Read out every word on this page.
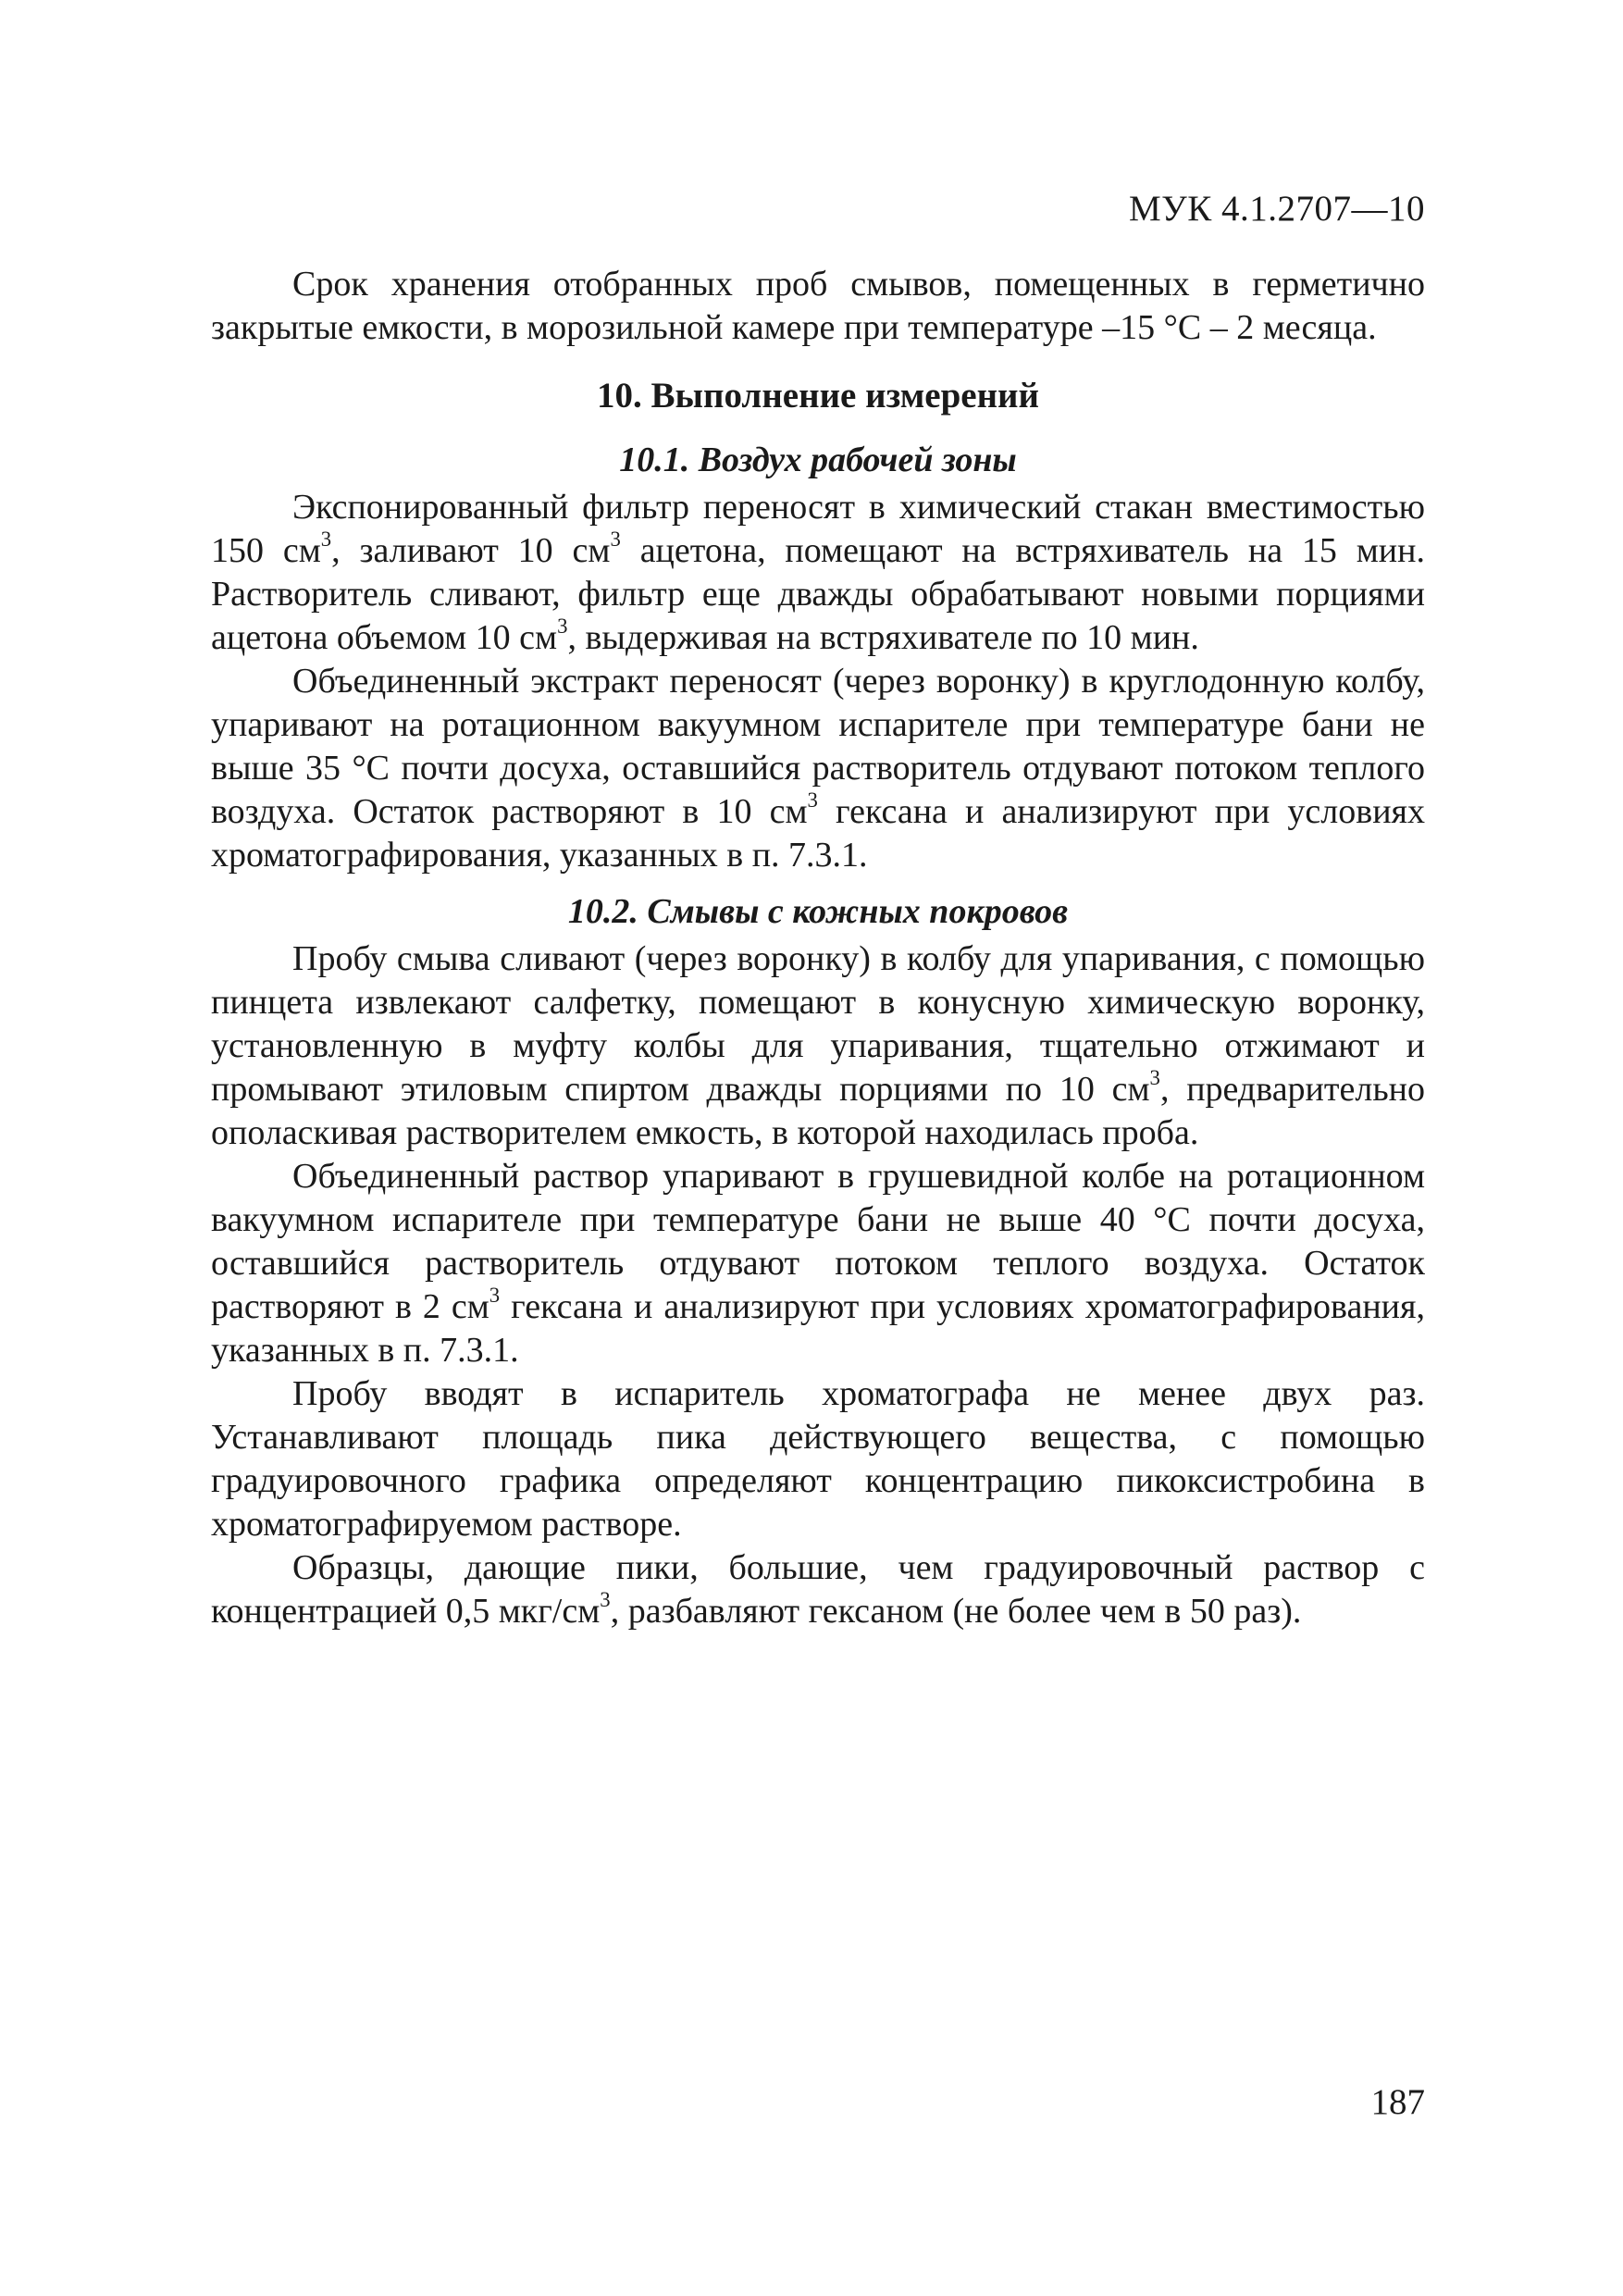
МУК 4.1.2707—10

Срок хранения отобранных проб смывов, помещенных в герметично закрытые емкости, в морозильной камере при температуре –15 °С – 2 месяца.

10. Выполнение измерений
10.1. Воздух рабочей зоны

Экспонированный фильтр переносят в химический стакан вместимостью 150 $см^3$, заливают 10 $см^3$ ацетона, помещают на встряхиватель на 15 мин. Растворитель сливают, фильтр еще дважды обрабатывают новыми порциями ацетона объемом 10 $см^3$, выдерживая на встряхивателе по 10 мин.

Объединенный экстракт переносят (через воронку) в круглодонную колбу, упаривают на ротационном вакуумном испарителе при температуре бани не выше 35 °С почти досуха, оставшийся растворитель отдувают потоком теплого воздуха. Остаток растворяют в 10 $см^3$ гексана и анализируют при условиях хроматографирования, указанных в п. 7.3.1.

10.2. Смывы с кожных покровов

Пробу смыва сливают (через воронку) в колбу для упаривания, с помощью пинцета извлекают салфетку, помещают в конусную химическую воронку, установленную в муфту колбы для упаривания, тщательно отжимают и промывают этиловым спиртом дважды порциями по 10 $см^3$, предварительно ополаскивая растворителем емкость, в которой находилась проба.

Объединенный раствор упаривают в грушевидной колбе на ротационном вакуумном испарителе при температуре бани не выше 40 °С почти досуха, оставшийся растворитель отдувают потоком теплого воздуха. Остаток растворяют в 2 $см^3$ гексана и анализируют при условиях хроматографирования, указанных в п. 7.3.1.

Пробу вводят в испаритель хроматографа не менее двух раз. Устанавливают площадь пика действующего вещества, с помощью градуировочного графика определяют концентрацию пикоксистробина в хроматографируемом растворе.

Образцы, дающие пики, большие, чем градуировочный раствор с концентрацией 0,5 мкг/$см^3$, разбавляют гексаном (не более чем в 50 раз).

187
